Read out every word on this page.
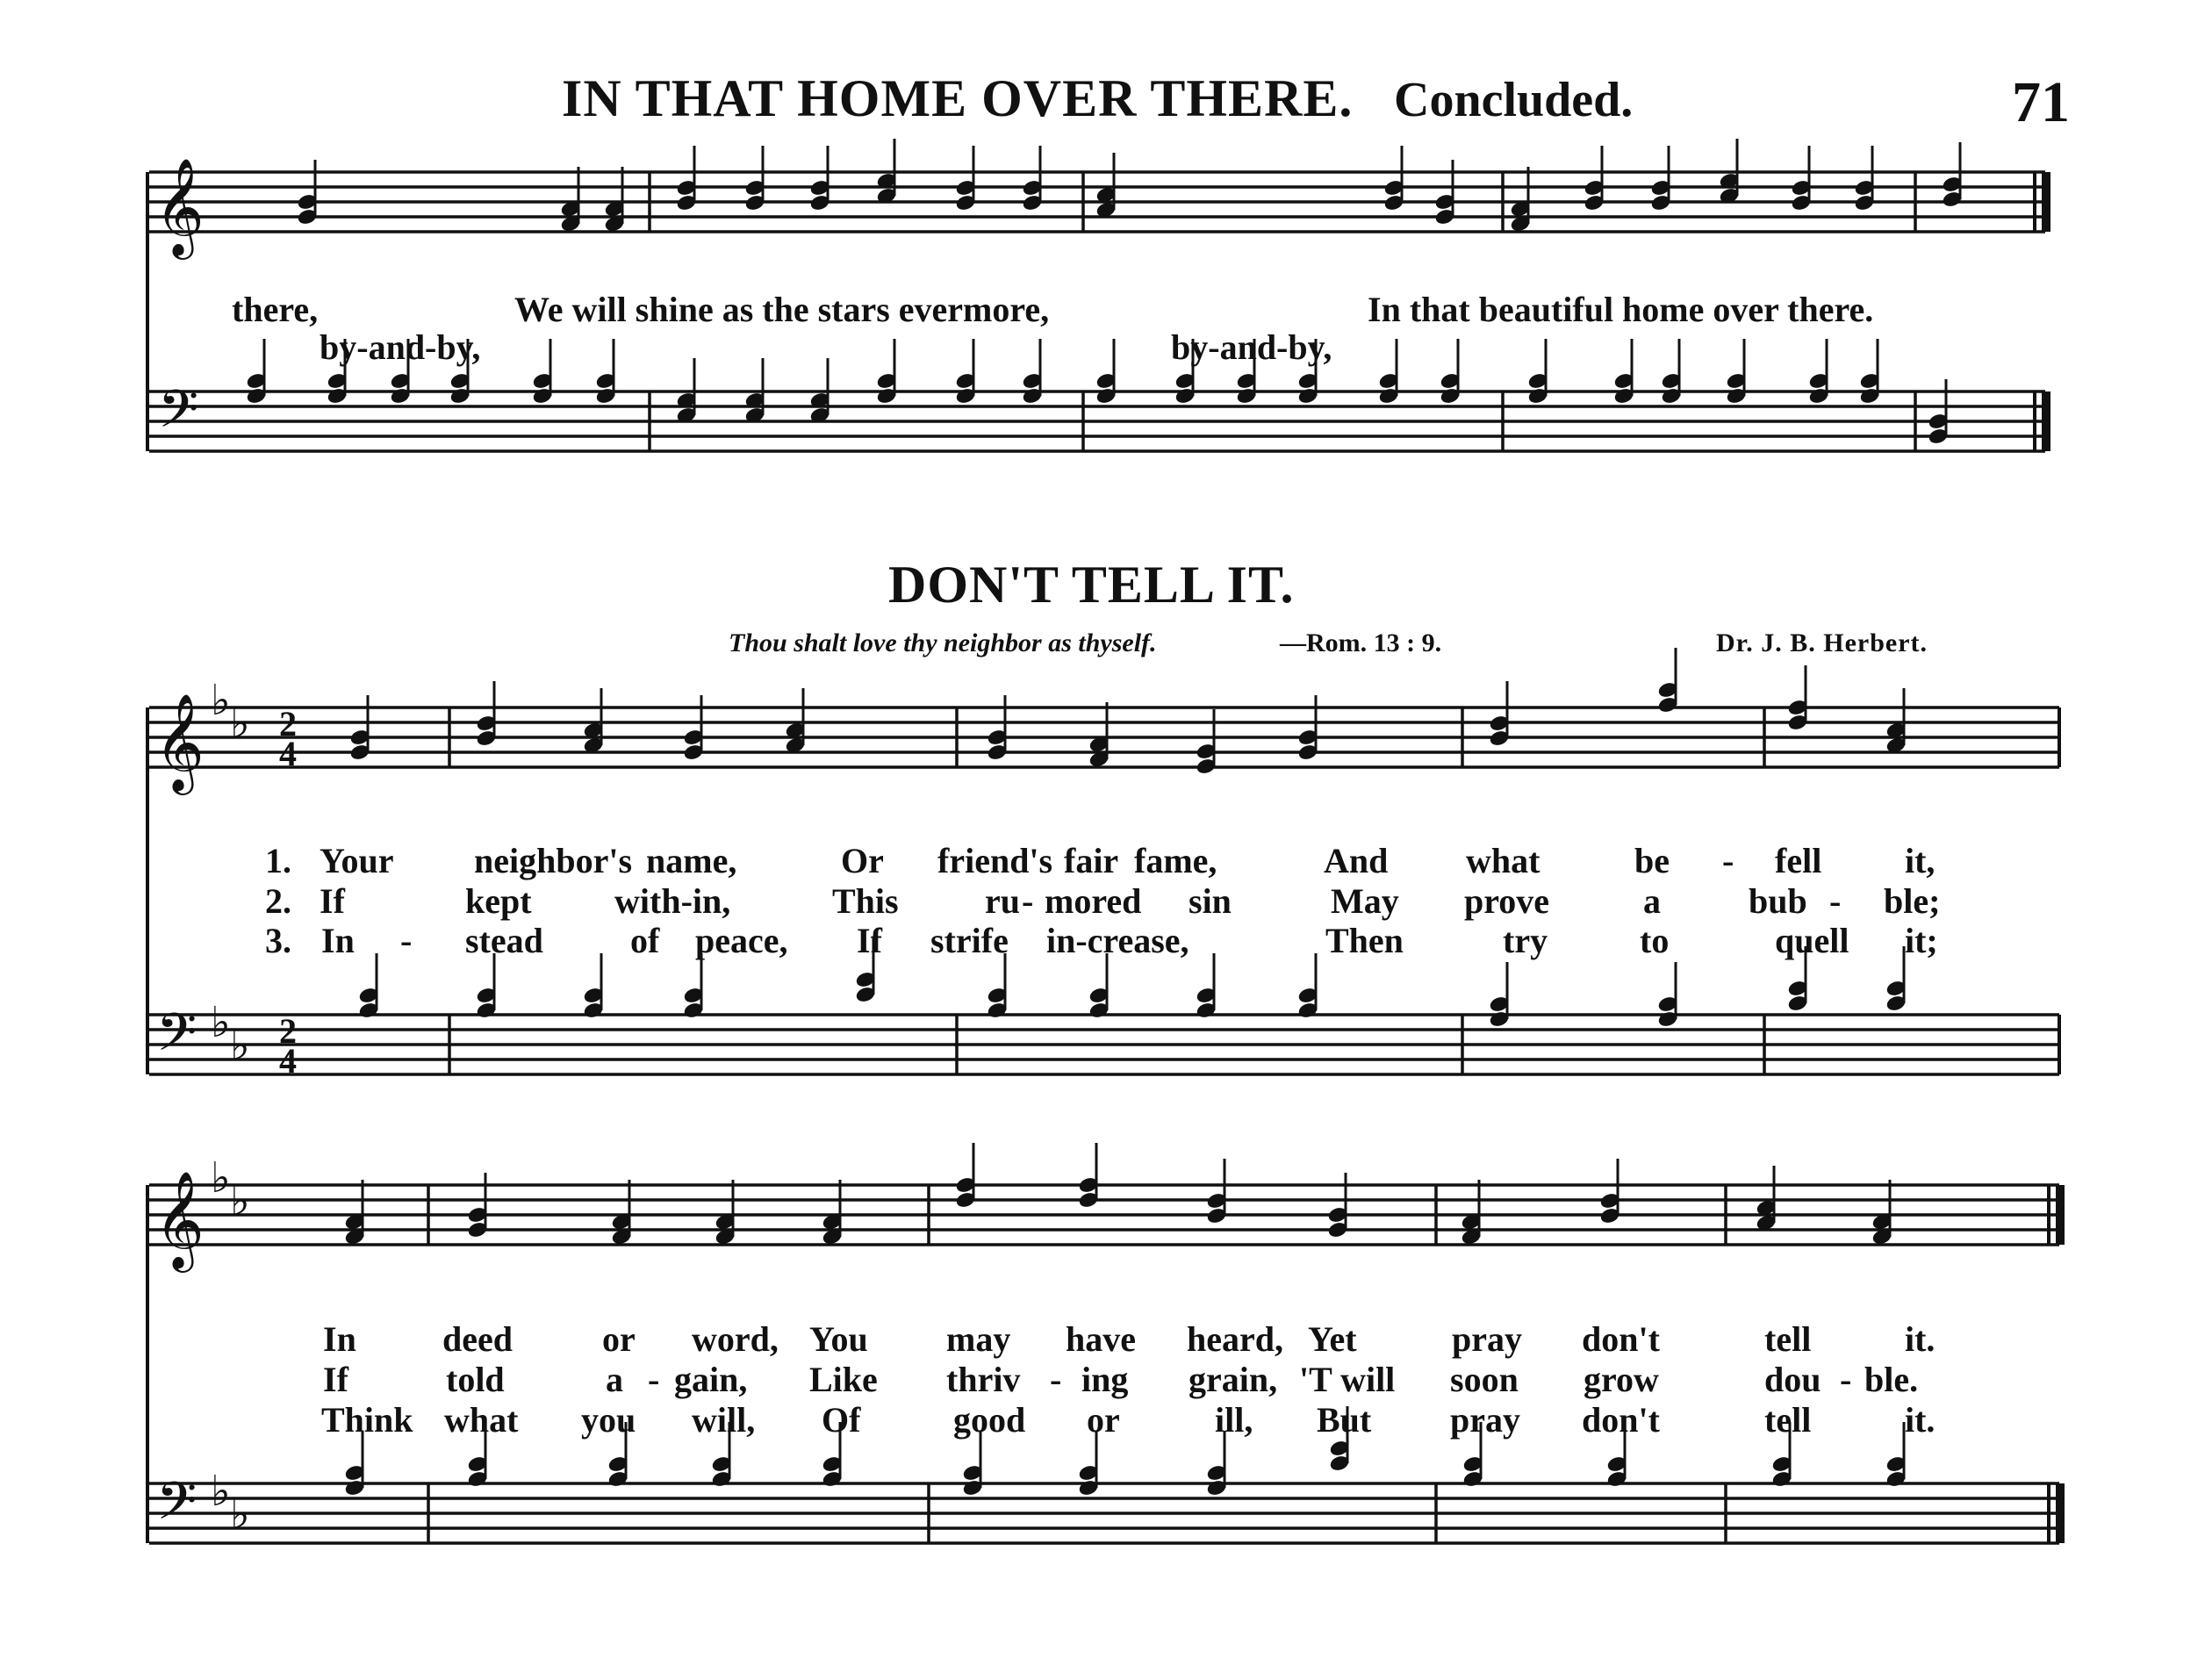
𝄞
𝄢
𝄞
𝄢
♭ ♭
♭ ♭
2
4
2
4
𝄞
𝄢
♭ ♭
♭ ♭
IN THAT HOME OVER THERE. Concluded.	71
there,	We will shine as the stars evermore,	In that beautiful home over there.
by-and-by,	by-and-by,
DON'T TELL IT.
Thou shalt love thy neighbor as thyself.	—Rom. 13 : 9.	Dr. J. B. Herbert.
1. Your neighbor's name,	Or friend's fair fame,	And what	be - fell it,
2. If	kept with-in,	This ru - mored sin	May prove	a	bub - ble;
3. In - stead of peace, If strife in-crease,	Then	try	to	quell it;
In deed	or word, You may have heard, Yet	pray don't	tell	it.
If	told	a - gain, Like thriv - ing grain, 'T will soon grow	dou - ble.
Think what you will, Of	good or	ill, But pray don't	tell	it.
